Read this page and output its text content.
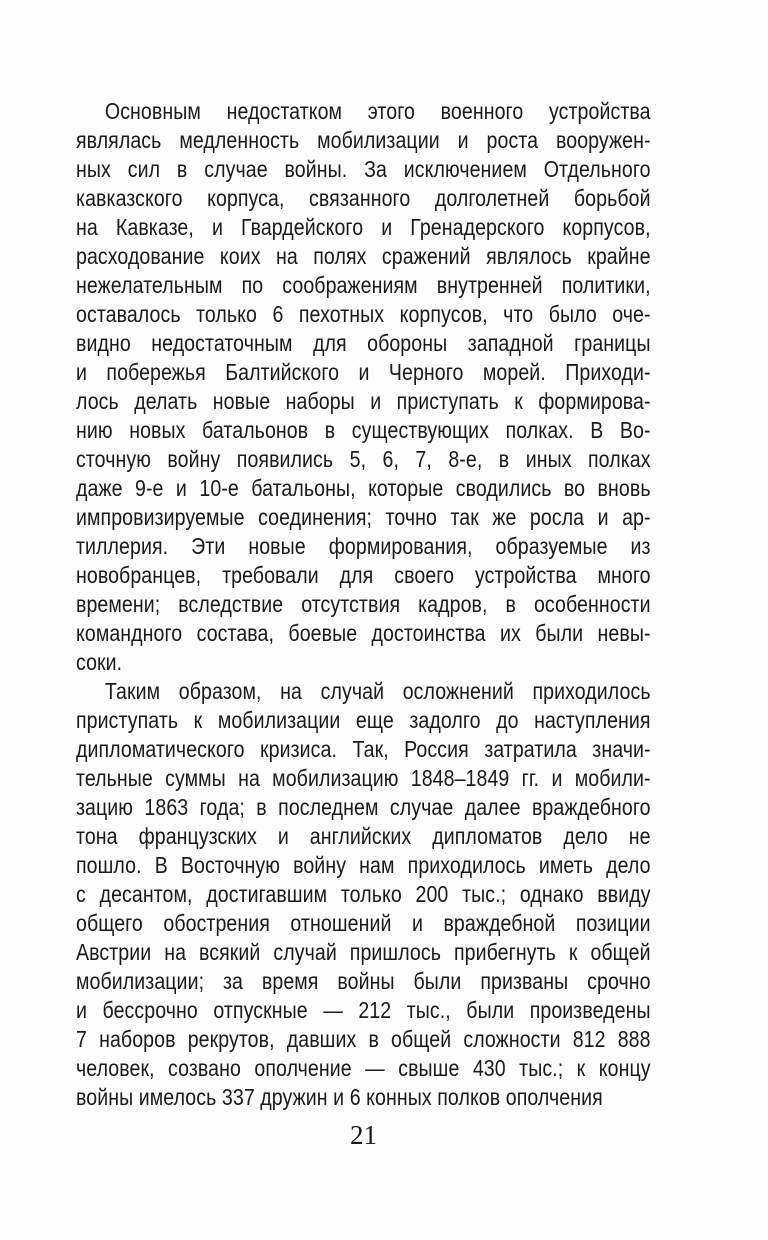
Основным недостатком этого военного устройства
являлась медленность мобилизации и роста вооружен-
ных сил в случае войны. За исключением Отдельного
кавказского корпуса, связанного долголетней борьбой
на Кавказе, и Гвардейского и Гренадерского корпусов,
расходование коих на полях сражений являлось крайне
нежелательным по соображениям внутренней политики,
оставалось только 6 пехотных корпусов, что было оче-
видно недостаточным для обороны западной границы
и побережья Балтийского и Черного морей. Приходи-
лось делать новые наборы и приступать к формирова-
нию новых батальонов в существующих полках. В Во-
сточную войну появились 5, 6, 7, 8-е, в иных полках
даже 9-е и 10-е батальоны, которые сводились во вновь
импровизируемые соединения; точно так же росла и ар-
тиллерия. Эти новые формирования, образуемые из
новобранцев, требовали для своего устройства много
времени; вследствие отсутствия кадров, в особенности
командного состава, боевые достоинства их были невы-
соки.
Таким образом, на случай осложнений приходилось
приступать к мобилизации еще задолго до наступления
дипломатического кризиса. Так, Россия затратила значи-
тельные суммы на мобилизацию 1848–1849 гг. и мобили-
зацию 1863 года; в последнем случае далее враждебного
тона французских и английских дипломатов дело не
пошло. В Восточную войну нам приходилось иметь дело
с десантом, достигавшим только 200 тыс.; однако ввиду
общего обострения отношений и враждебной позиции
Австрии на всякий случай пришлось прибегнуть к общей
мобилизации; за время войны были призваны срочно
и бессрочно отпускные — 212 тыс., были произведены
7 наборов рекрутов, давших в общей сложности 812 888
человек, созвано ополчение — свыше 430 тыс.; к концу
войны имелось 337 дружин и 6 конных полков ополчения
21
